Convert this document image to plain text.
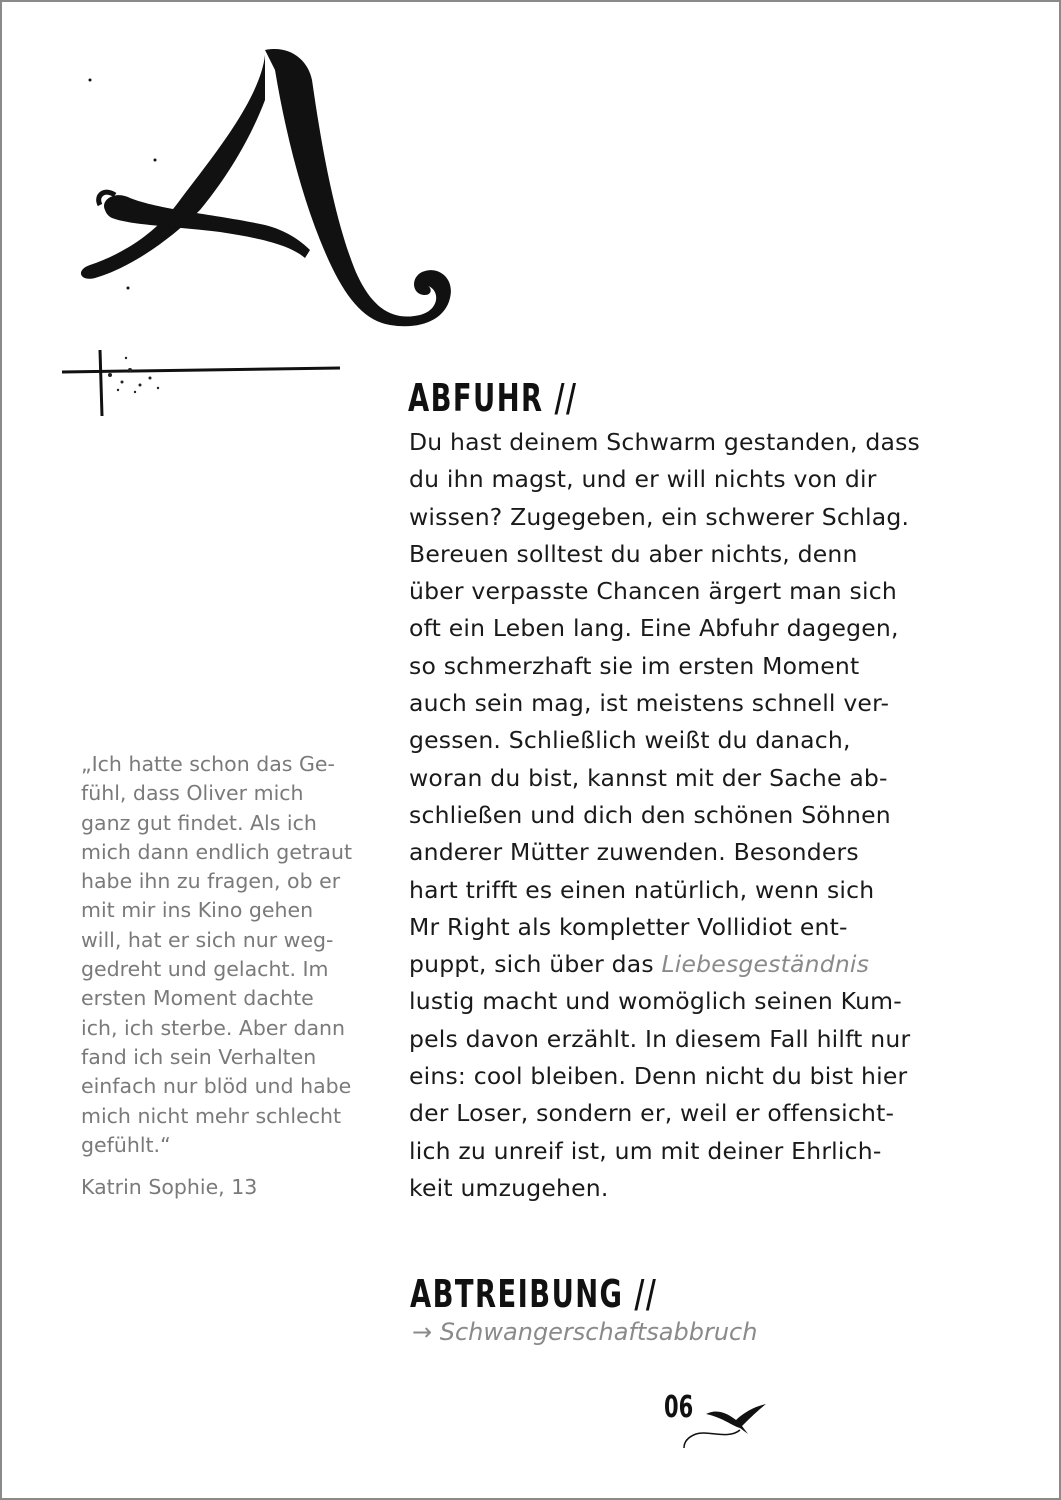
ABFUHR //
Du hast deinem Schwarm gestanden, dass
du ihn magst, und er will nichts von dir
wissen? Zugegeben, ein schwerer Schlag.
Bereuen solltest du aber nichts, denn
über verpasste Chancen ärgert man sich
oft ein Leben lang. Eine Abfuhr dagegen,
so schmerzhaft sie im ersten Moment
auch sein mag, ist meistens schnell ver-
gessen. Schließlich weißt du danach,
woran du bist, kannst mit der Sache ab-
schließen und dich den schönen Söhnen
anderer Mütter zuwenden. Besonders
hart trifft es einen natürlich, wenn sich
Mr Right als kompletter Vollidiot ent-
puppt, sich über das Liebesgeständnis
lustig macht und womöglich seinen Kum-
pels davon erzählt. In diesem Fall hilft nur
eins: cool bleiben. Denn nicht du bist hier
der Loser, sondern er, weil er offensicht-
lich zu unreif ist, um mit deiner Ehrlich-
keit umzugehen.
„Ich hatte schon das Ge-
fühl, dass Oliver mich
ganz gut findet. Als ich
mich dann endlich getraut
habe ihn zu fragen, ob er
mit mir ins Kino gehen
will, hat er sich nur weg-
gedreht und gelacht. Im
ersten Moment dachte
ich, ich sterbe. Aber dann
fand ich sein Verhalten
einfach nur blöd und habe
mich nicht mehr schlecht
gefühlt.“
Katrin Sophie, 13
ABTREIBUNG //
→ Schwangerschaftsabbruch
06
